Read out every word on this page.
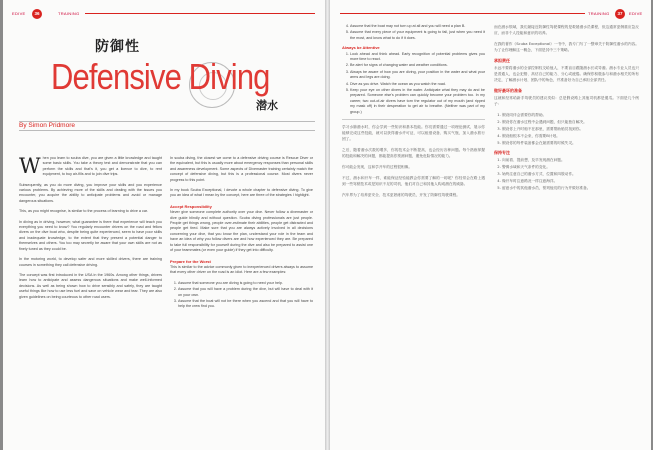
36
EDIVE	TRAINING
防御性
Defensive Diving
潜水
By Simon Pridmore

When you learn to scuba dive, you are given a little knowledge and taught some basic skills. You take a theory test and demonstrate that you can perform the skills and that's it, you get a licence to dive, to rent equipment, to buy air-fills and to join dive trips.

Subsequently, as you do more diving, you improve your skills and you experience various problems. By achieving more of the skills and dealing with the issues you encounter, you acquire the ability to anticipate problems and avoid or manage dangerous situations.

This, as you might recognise, is similar to the process of learning to drive a car.

In diving as in driving, however, what guarantee is there that experience will teach you everything you need to know? You regularly encounter drivers on the road and fellow divers on the dive boat who, despite being quite experienced, seem to have poor skills and inadequate knowledge, to the extent that they present a potential danger to themselves and others. You too may secretly be aware that your own skills are not as finely tuned as they could be.

In the motoring world, to develop safer and more skilled drivers, there are training courses in something they call defensive driving.

The concept was first introduced in the USA in the 1960s. Among other things, drivers learn how to anticipate and assess dangerous situations and make well-informed decisions. As well as being shown how to drive sensibly and safely, they are taught useful things like how to use less fuel and save on vehicle wear and tear. They are also given guidelines on being courteous to other road users.

In scuba diving, the closest we come to a defensive driving course is Rescue Diver or the equivalent, but this is usually more about emergency responses than personal skills and awareness development. Some aspects of Divemaster training certainly match the concept of defensive diving, but this is a professional course. Most divers never progress to this point.

In my book Scuba Exceptional, I devote a whole chapter to defensive diving. To give you an idea of what I mean by the concept, here are three of the strategies I highlight.

Accept Responsibility

Never give someone complete authority over your dive. Never follow a divemaster or dive guide blindly and without question. Scuba diving professionals are just people. People get things wrong, people over-estimate their abilities, people get distracted and people get tired. Make sure that you are always actively involved in all decisions concerning your dive, that you know the plan, understand your role in the team and have an idea of why you follow divers are and how experienced they are. Be prepared to take full responsibility for yourself during the dive and also be prepared to assist one of your teammates (or even your guide) if they get into difficulty.

Prepare for the Worst

This is similar to the advice commonly given to inexperienced drivers always to assume that every other driver on the road is an idiot. Here are a few examples:

1. Assume that someone you are diving is going to need your help.
2. Assume that you will have a problem during the dive, but will have to deal with it on your own.
3. Assume that the boat will not be there when you ascend and that you will have to help the crew find you.
TRAINING	37	EDIVE
4. Assume that the boat may not turn up at all and you will need a plan B.
5. Assume that every piece of your equipment is going to fail, just when you need it the most, and know what to do if it does.
Always be Attentive
1. Look ahead and think ahead. Early recognition of potential problems gives you more time to react.
2. Be alert for signs of changing water and weather conditions.
3. Always be aware of how you are diving, your position in the water and what your arms and legs are doing.
4. Dive as you drive. Watch the ocean as you watch the road.
5. Keep your eye on other divers in the water. Anticipate what they may do and be prepared. Someone else's problem can quickly become your problem too. In my career, two out-of-air divers have torn the regulator out of my mouth (and ripped my mask off) in their desperation to get air to breathe. (Neither was part of my group.)

学习水肺潜水时，你会学到一些知识和基本技能。你们需要通过一项理论测试，展示你能够完成这些技能，就可以获得潜水许可证，可以租借设备、购买气瓶，加入潜水旅行团了。

之后，随着潜水次数的增多，你的技术会不断提高，也会经历各种问题。每个熟练掌握的技能和解决的问题，都能提高你预测问题，避免危险情况的能力。

你可能会发现，这和学开车的过程很相像。

不过，潜水和开车一样，谁能保证经验能教会你需要了解的一切呢？你经常会在路上遇到一些驾驶技术或是知识不足的司机，他们对自己和其他人构成潜在的威胁。

汽车界为了培养更安全、技术更熟练的驾驶员，开发了防御性驾驶课程。

而在潜水领域，我们最接近防御性驾驶课程的是救援潜水员课程，但这通常更侧重应急反应，而非个人技能和意识的培养。

在我的著作《Scuba Exceptional》一书中，我专门写了一整章关于防御性潜水的内容。为了让你理解这一概念，下面是其中三个策略。

承担责任

永远不要将潜水的全部控制权交给他人，不要盲目跟随潜水长或导潜。潜水专业人员也只是普通人，也会犯错、高估自己的能力、分心或疲倦。确保你积极参与和潜水相关的所有决定，了解潜水计划、团队中的角色，并准备好为自己承担全部责任。

做好最坏的准备

这就和经常给新手驾驶员的建议类似：总是假设路上其他司机都是傻瓜。下面是几个例子：

1. 假设同伴会需要你的帮助。
2. 假设你在潜水过程中会遇到问题，但只能独自解决。
3. 假设你上升时船不在那里，需要帮助船员找到你。
4. 假设船根本不会来，你需要B计划。
5. 假设你的每件装备都会在最需要的时候失灵。
保持专注
1. 向前看、提前想，及早发现潜在问题。
2. 警惕水域和天气条件的变化。
3. 始终注意自己的潜水方式、位置和四肢动作。
4. 像开车时注意路况一样注意海洋。
5. 留意水中的其他潜水员，预判他们的行为并做好准备。
